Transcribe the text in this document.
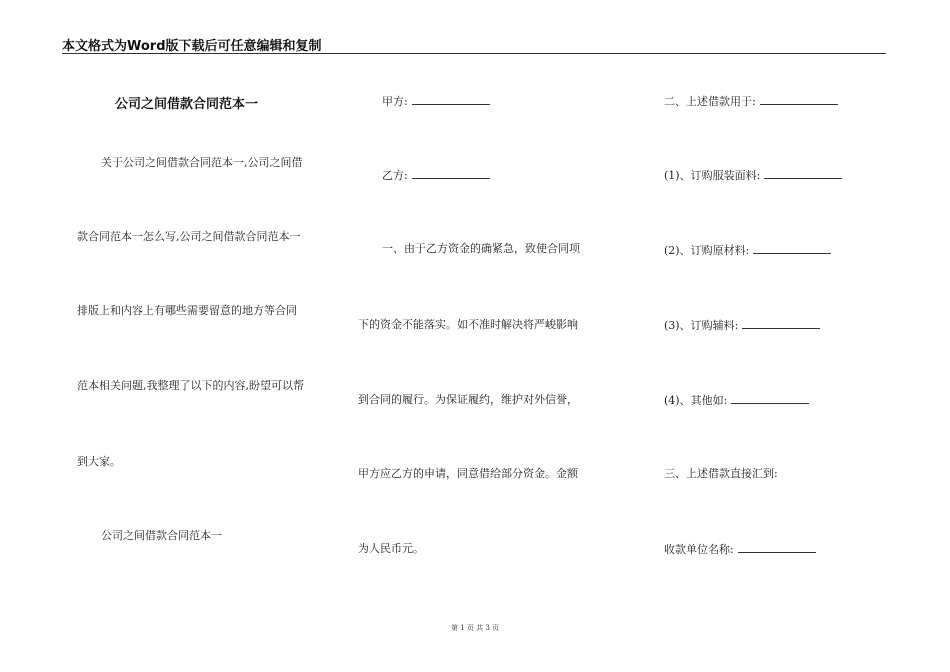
本文格式为Word版下载后可任意编辑和复制
公司之间借款合同范本一
关于公司之间借款合同范本一,公司之间借
款合同范本一怎么写,公司之间借款合同范本一
排版上和内容上有哪些需要留意的地方等合同
范本相关问题,我整理了以下的内容,盼望可以帮
到大家。
公司之间借款合同范本一
甲方:
乙方:
一、由于乙方资金的确紧急，致使合同项
下的资金不能落实。如不准时解决将严峻影响
到合同的履行。为保证履约，维护对外信誉，
甲方应乙方的申请，同意借给部分资金。金额
为人民币元。
二、上述借款用于:
(1)、订购服装面料:
(2)、订购原材料:
(3)、订购辅料:
(4)、其他如:
三、上述借款直接汇到:
收款单位名称:
第 1 页 共 3 页
